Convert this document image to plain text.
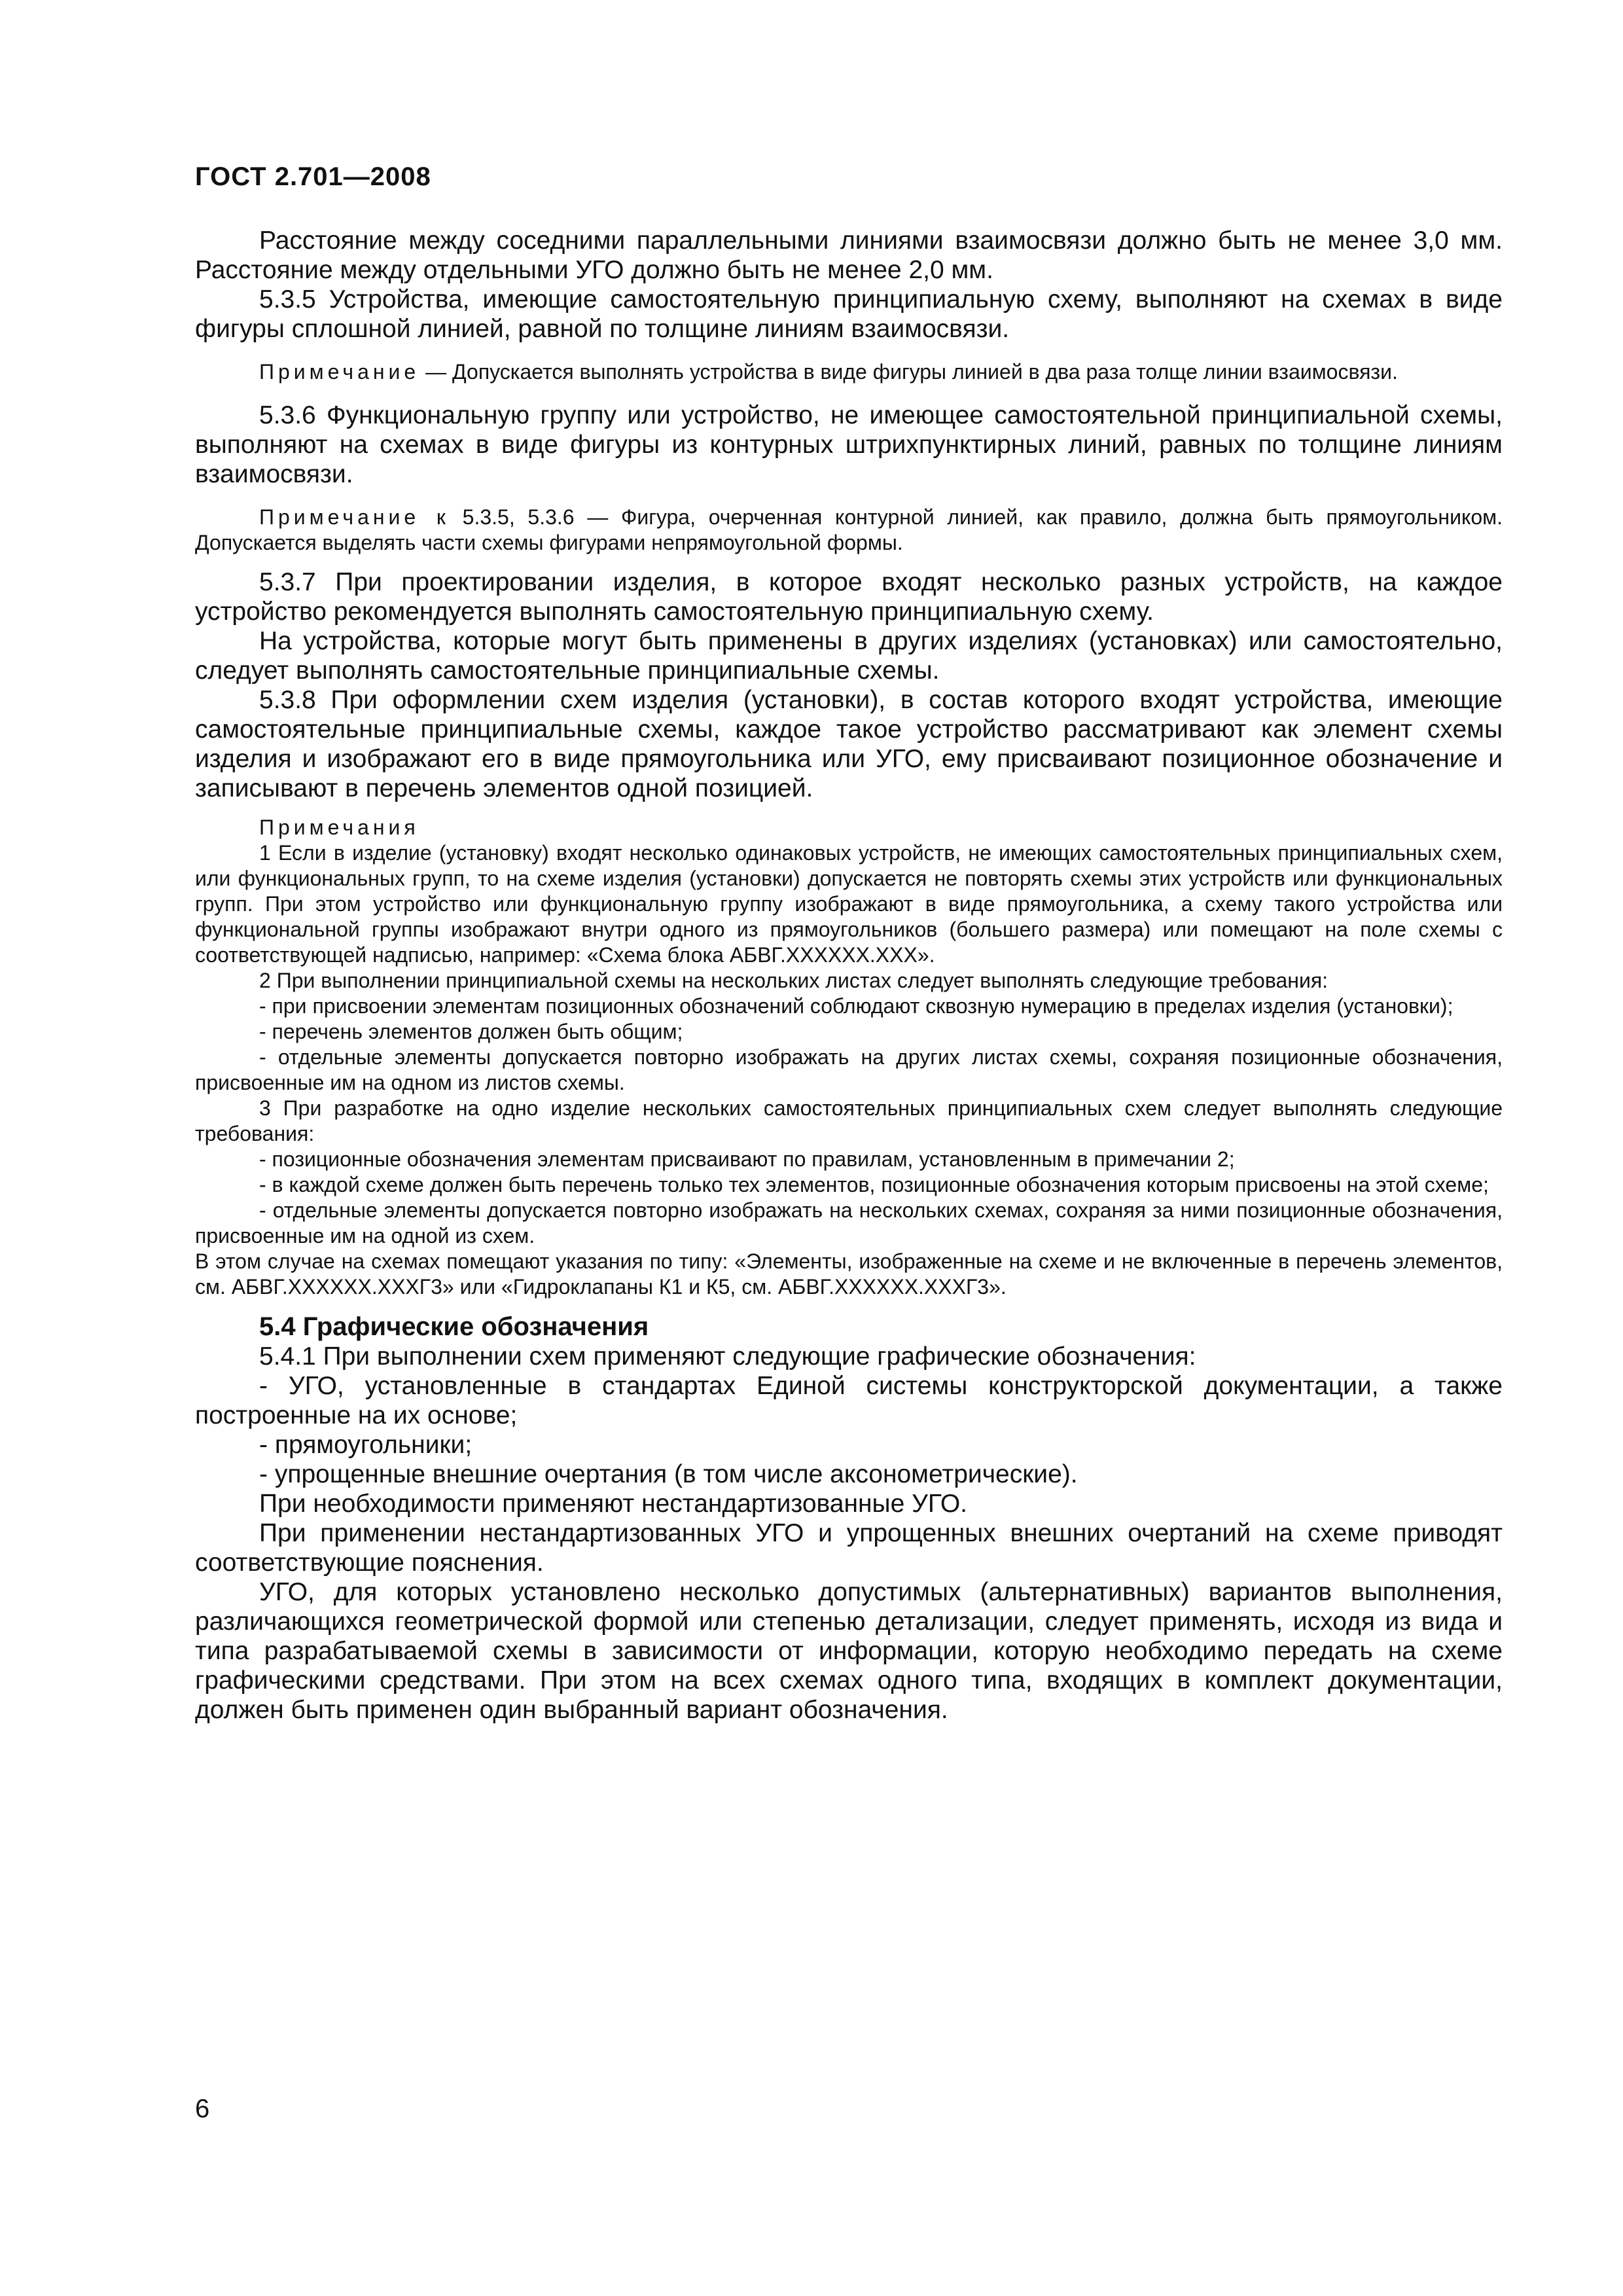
ГОСТ 2.701—2008

Расстояние между соседними параллельными линиями взаимосвязи должно быть не менее 3,0 мм. Расстояние между отдельными УГО должно быть не менее 2,0 мм.

5.3.5 Устройства, имеющие самостоятельную принципиальную схему, выполняют на схемах в виде фигуры сплошной линией, равной по толщине линиям взаимосвязи.

Примечание — Допускается выполнять устройства в виде фигуры линией в два раза толще линии взаимосвязи.

5.3.6 Функциональную группу или устройство, не имеющее самостоятельной принципиальной схемы, выполняют на схемах в виде фигуры из контурных штрихпунктирных линий, равных по толщине линиям взаимосвязи.

Примечание к 5.3.5, 5.3.6 — Фигура, очерченная контурной линией, как правило, должна быть прямоугольником. Допускается выделять части схемы фигурами непрямоугольной формы.

5.3.7 При проектировании изделия, в которое входят несколько разных устройств, на каждое устройство рекомендуется выполнять самостоятельную принципиальную схему.

На устройства, которые могут быть применены в других изделиях (установках) или самостоятельно, следует выполнять самостоятельные принципиальные схемы.

5.3.8 При оформлении схем изделия (установки), в состав которого входят устройства, имеющие самостоятельные принципиальные схемы, каждое такое устройство рассматривают как элемент схемы изделия и изображают его в виде прямоугольника или УГО, ему присваивают позиционное обозначение и записывают в перечень элементов одной позицией.

Примечания

1 Если в изделие (установку) входят несколько одинаковых устройств, не имеющих самостоятельных принципиальных схем, или функциональных групп, то на схеме изделия (установки) допускается не повторять схемы этих устройств или функциональных групп. При этом устройство или функциональную группу изображают в виде прямоугольника, а схему такого устройства или функциональной группы изображают внутри одного из прямоугольников (большего размера) или помещают на поле схемы с соответствующей надписью, например: «Схема блока АБВГ.XXXXXX.XXX».

2 При выполнении принципиальной схемы на нескольких листах следует выполнять следующие требования:

- при присвоении элементам позиционных обозначений соблюдают сквозную нумерацию в пределах изделия (установки);

- перечень элементов должен быть общим;

- отдельные элементы допускается повторно изображать на других листах схемы, сохраняя позиционные обозначения, присвоенные им на одном из листов схемы.

3 При разработке на одно изделие нескольких самостоятельных принципиальных схем следует выполнять следующие требования:

- позиционные обозначения элементам присваивают по правилам, установленным в примечании 2;

- в каждой схеме должен быть перечень только тех элементов, позиционные обозначения которым присвоены на этой схеме;

- отдельные элементы допускается повторно изображать на нескольких схемах, сохраняя за ними позиционные обозначения, присвоенные им на одной из схем.

В этом случае на схемах помещают указания по типу: «Элементы, изображенные на схеме и не включенные в перечень элементов, см. АБВГ.XXXXXX.XXXГ3» или «Гидроклапаны К1 и К5, см. АБВГ.XXXXXX.XXXГ3».

5.4 Графические обозначения

5.4.1 При выполнении схем применяют следующие графические обозначения:

- УГО, установленные в стандартах Единой системы конструкторской документации, а также построенные на их основе;

- прямоугольники;

- упрощенные внешние очертания (в том числе аксонометрические).

При необходимости применяют нестандартизованные УГО.

При применении нестандартизованных УГО и упрощенных внешних очертаний на схеме приводят соответствующие пояснения.

УГО, для которых установлено несколько допустимых (альтернативных) вариантов выполнения, различающихся геометрической формой или степенью детализации, следует применять, исходя из вида и типа разрабатываемой схемы в зависимости от информации, которую необходимо передать на схеме графическими средствами. При этом на всех схемах одного типа, входящих в комплект документации, должен быть применен один выбранный вариант обозначения.

6
